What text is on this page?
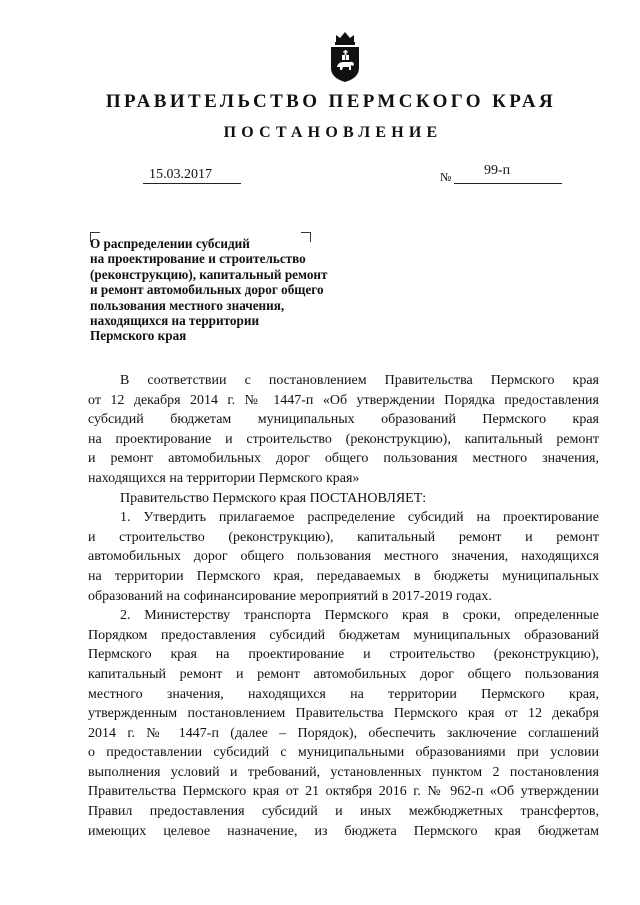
ПРАВИТЕЛЬСТВО ПЕРМСКОГО КРАЯ
ПОСТАНОВЛЕНИЕ
15.03.2017	№ 99-п
О распределении субсидий
на проектирование и строительство
(реконструкцию), капитальный ремонт
и ремонт автомобильных дорог общего
пользования местного значения,
находящихся на территории
Пермского края
В соответствии с постановлением Правительства Пермского края
от 12 декабря 2014 г. № 1447-п «Об утверждении Порядка предоставления
субсидий бюджетам муниципальных образований Пермского края
на проектирование и строительство (реконструкцию), капитальный ремонт
и ремонт автомобильных дорог общего пользования местного значения,
находящихся на территории Пермского края»
Правительство Пермского края ПОСТАНОВЛЯЕТ:
1. Утвердить прилагаемое распределение субсидий на проектирование
и строительство (реконструкцию), капитальный ремонт и ремонт
автомобильных дорог общего пользования местного значения, находящихся
на территории Пермского края, передаваемых в бюджеты муниципальных
образований на софинансирование мероприятий в 2017-2019 годах.
2. Министерству транспорта Пермского края в сроки, определенные
Порядком предоставления субсидий бюджетам муниципальных образований
Пермского края на проектирование и строительство (реконструкцию),
капитальный ремонт и ремонт автомобильных дорог общего пользования
местного значения, находящихся на территории Пермского края,
утвержденным постановлением Правительства Пермского края от 12 декабря
2014 г. № 1447-п (далее – Порядок), обеспечить заключение соглашений
о предоставлении субсидий с муниципальными образованиями при условии
выполнения условий и требований, установленных пунктом 2 постановления
Правительства Пермского края от 21 октября 2016 г. № 962-п «Об утверждении
Правил предоставления субсидий и иных межбюджетных трансфертов,
имеющих целевое назначение, из бюджета Пермского края бюджетам
